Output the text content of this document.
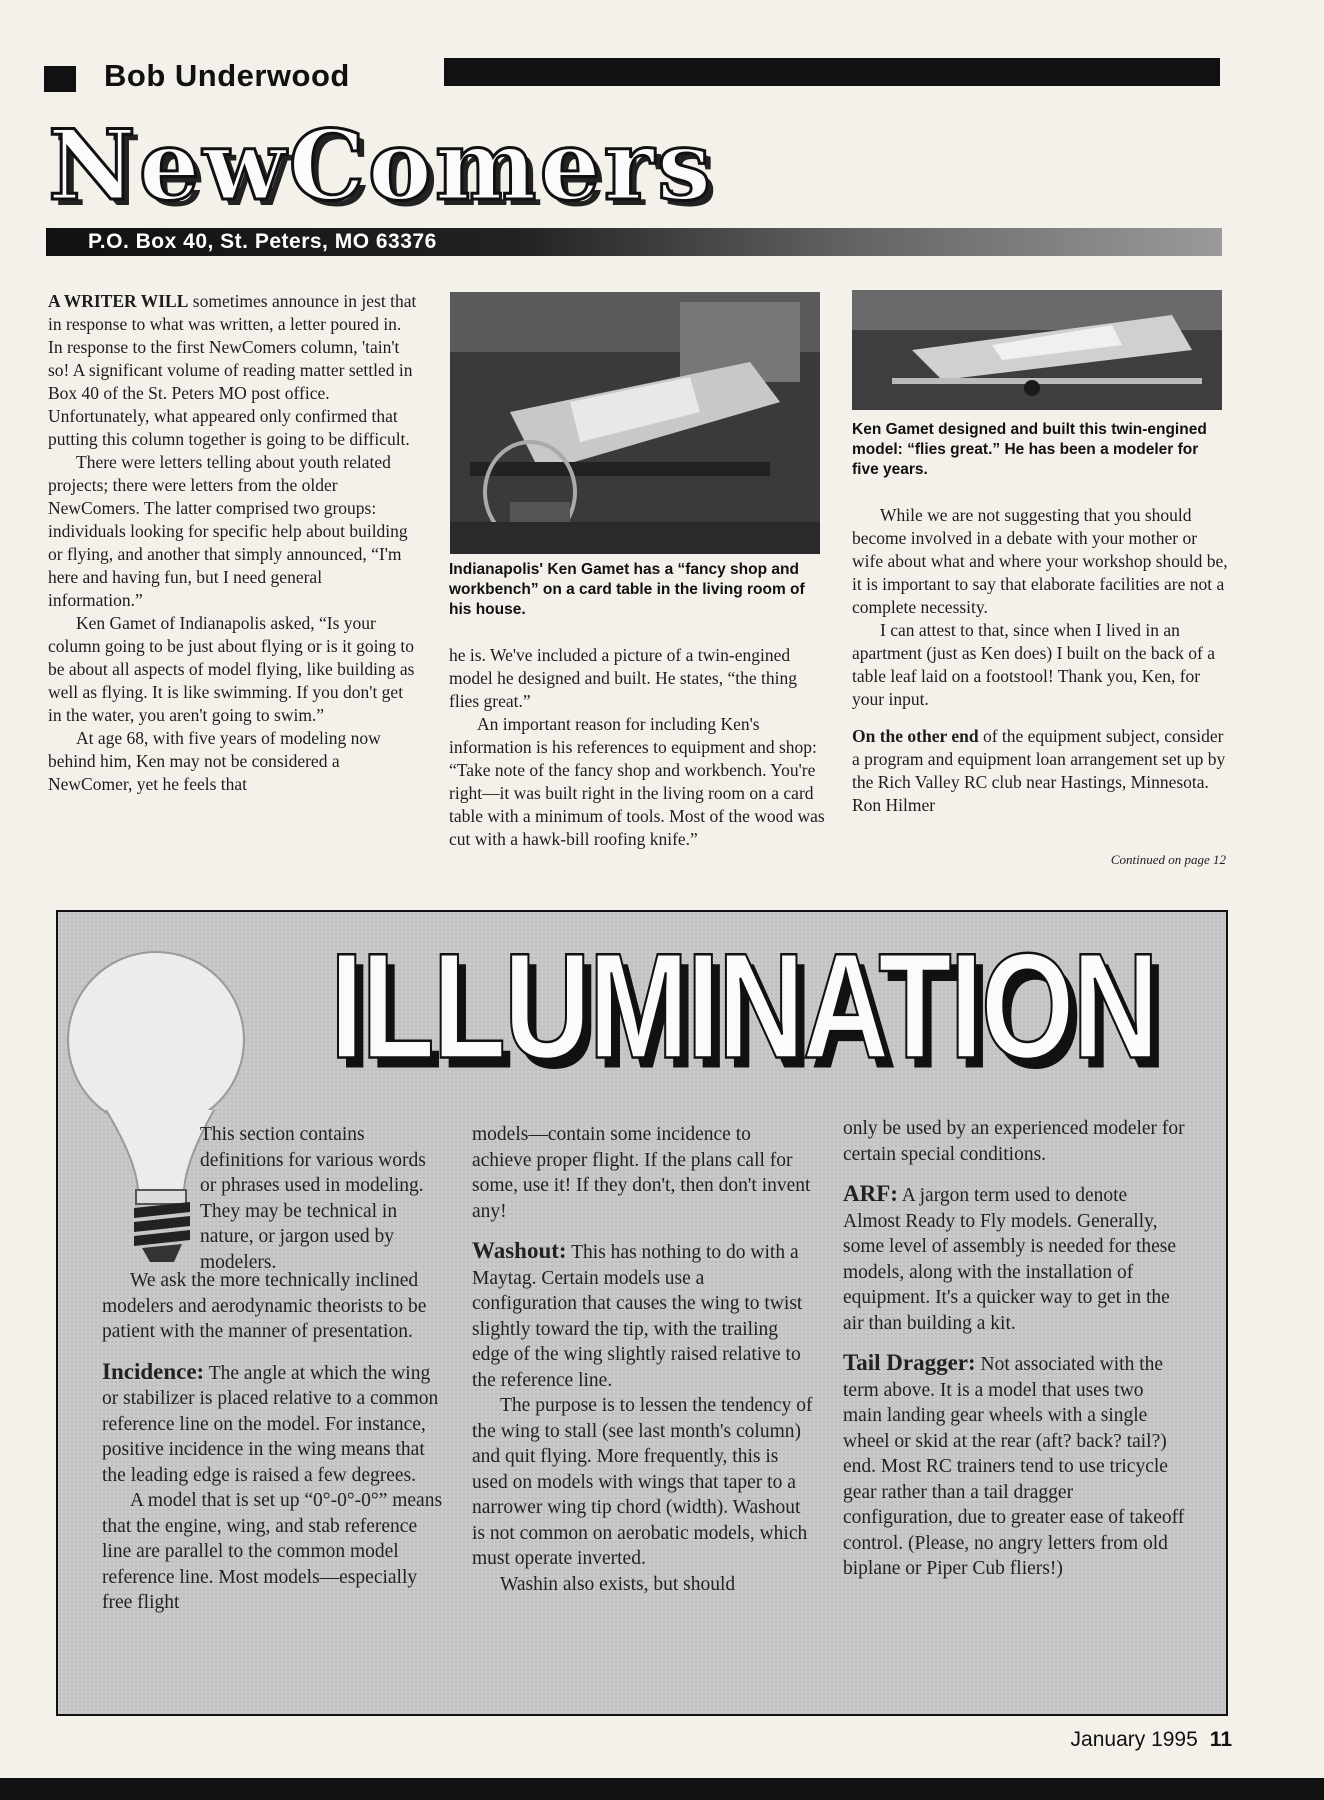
Bob Underwood
NewComers
P.O. Box 40, St. Peters, MO 63376

A WRITER WILL sometimes announce in jest that in response to what was written, a letter poured in. In response to the first NewComers column, 'tain't so! A significant volume of reading matter settled in Box 40 of the St. Peters MO post office. Unfortunately, what appeared only confirmed that putting this column together is going to be difficult.

There were letters telling about youth related projects; there were letters from the older NewComers. The latter comprised two groups: individuals looking for specific help about building or flying, and another that simply announced, “I'm here and having fun, but I need general information.”

Ken Gamet of Indianapolis asked, “Is your column going to be just about flying or is it going to be about all aspects of model flying, like building as well as flying. It is like swimming. If you don't get in the water, you aren't going to swim.”

At age 68, with five years of modeling now behind him, Ken may not be considered a NewComer, yet he feels that

Indianapolis' Ken Gamet has a “fancy shop and workbench” on a card table in the living room of his house.

he is. We've included a picture of a twin-engined model he designed and built. He states, “the thing flies great.”

An important reason for including Ken's information is his references to equipment and shop: “Take note of the fancy shop and workbench. You're right—it was built right in the living room on a card table with a minimum of tools. Most of the wood was cut with a hawk-bill roofing knife.”

Ken Gamet designed and built this twin-engined model: “flies great.” He has been a modeler for five years.

While we are not suggesting that you should become involved in a debate with your mother or wife about what and where your workshop should be, it is important to say that elaborate facilities are not a complete necessity.

I can attest to that, since when I lived in an apartment (just as Ken does) I built on the back of a table leaf laid on a footstool! Thank you, Ken, for your input.

On the other end of the equipment subject, consider a program and equipment loan arrangement set up by the Rich Valley RC club near Hastings, Minnesota. Ron Hilmer

Continued on page 12
ILLUMINATION

This section contains definitions for various words or phrases used in modeling. They may be technical in nature, or jargon used by modelers.

We ask the more technically inclined modelers and aerodynamic theorists to be patient with the manner of presentation.

Incidence: The angle at which the wing or stabilizer is placed relative to a common reference line on the model. For instance, positive incidence in the wing means that the leading edge is raised a few degrees.

A model that is set up “0°-0°-0°” means that the engine, wing, and stab reference line are parallel to the common model reference line. Most models—especially free flight

models—contain some incidence to achieve proper flight. If the plans call for some, use it! If they don't, then don't invent any!

Washout: This has nothing to do with a Maytag. Certain models use a configuration that causes the wing to twist slightly toward the tip, with the trailing edge of the wing slightly raised relative to the reference line.

The purpose is to lessen the tendency of the wing to stall (see last month's column) and quit flying. More frequently, this is used on models with wings that taper to a narrower wing tip chord (width). Washout is not common on aerobatic models, which must operate inverted.

Washin also exists, but should

only be used by an experienced modeler for certain special conditions.

ARF: A jargon term used to denote Almost Ready to Fly models. Generally, some level of assembly is needed for these models, along with the installation of equipment. It's a quicker way to get in the air than building a kit.

Tail Dragger: Not associated with the term above. It is a model that uses two main landing gear wheels with a single wheel or skid at the rear (aft? back? tail?) end. Most RC trainers tend to use tricycle gear rather than a tail dragger configuration, due to greater ease of takeoff control. (Please, no angry letters from old biplane or Piper Cub fliers!)

January 1995 11
